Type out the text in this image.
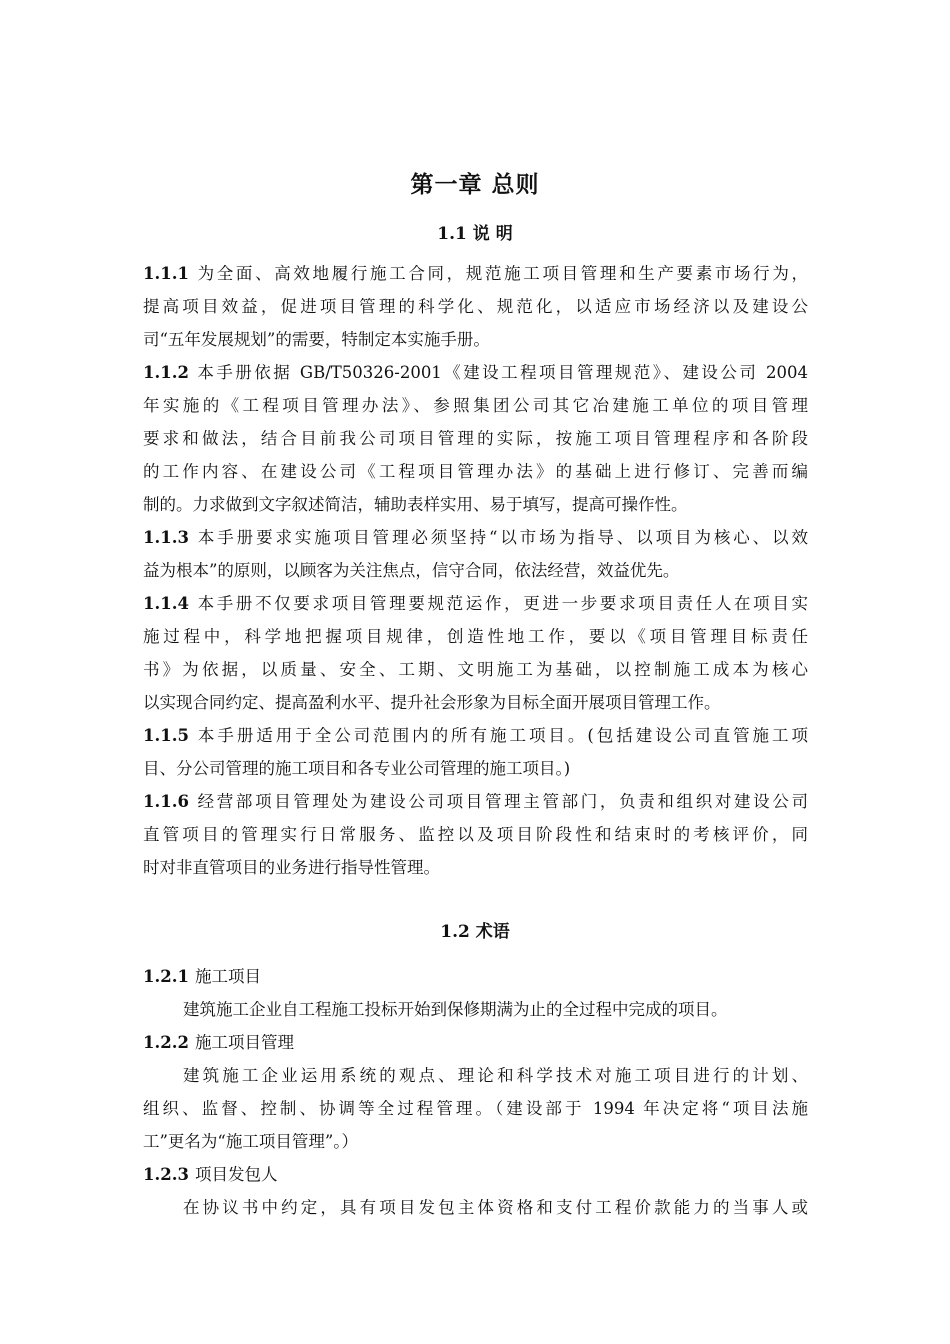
第一章 总则
1.1 说 明
1.1.1 为全面、高效地履行施工合同，规范施工项目管理和生产要素市场行为，
提高项目效益，促进项目管理的科学化、规范化，以适应市场经济以及建设公
司“五年发展规划”的需要，特制定本实施手册。
1.1.2 本手册依据 GB/T50326-2001《建设工程项目管理规范》、建设公司 2004
年实施的《工程项目管理办法》、参照集团公司其它冶建施工单位的项目管理
要求和做法，结合目前我公司项目管理的实际，按施工项目管理程序和各阶段
的工作内容、在建设公司《工程项目管理办法》的基础上进行修订、完善而编
制的。力求做到文字叙述简洁，辅助表样实用、易于填写，提高可操作性。
1.1.3 本手册要求实施项目管理必须坚持“以市场为指导、以项目为核心、以效
益为根本”的原则，以顾客为关注焦点，信守合同，依法经营，效益优先。
1.1.4 本手册不仅要求项目管理要规范运作，更进一步要求项目责任人在项目实
施过程中，科学地把握项目规律，创造性地工作，要以《项目管理目标责任
书》为依据，以质量、安全、工期、文明施工为基础，以控制施工成本为核心
以实现合同约定、提高盈利水平、提升社会形象为目标全面开展项目管理工作。
1.1.5 本手册适用于全公司范围内的所有施工项目。(包括建设公司直管施工项
目、分公司管理的施工项目和各专业公司管理的施工项目。)
1.1.6 经营部项目管理处为建设公司项目管理主管部门，负责和组织对建设公司
直管项目的管理实行日常服务、监控以及项目阶段性和结束时的考核评价，同
时对非直管项目的业务进行指导性管理。
1.2 术语
1.2.1 施工项目
建筑施工企业自工程施工投标开始到保修期满为止的全过程中完成的项目。
1.2.2 施工项目管理
建筑施工企业运用系统的观点、理论和科学技术对施工项目进行的计划、
组织、监督、控制、协调等全过程管理。（建设部于 1994 年决定将“项目法施
工”更名为“施工项目管理”。）
1.2.3 项目发包人
在协议书中约定，具有项目发包主体资格和支付工程价款能力的当事人或
